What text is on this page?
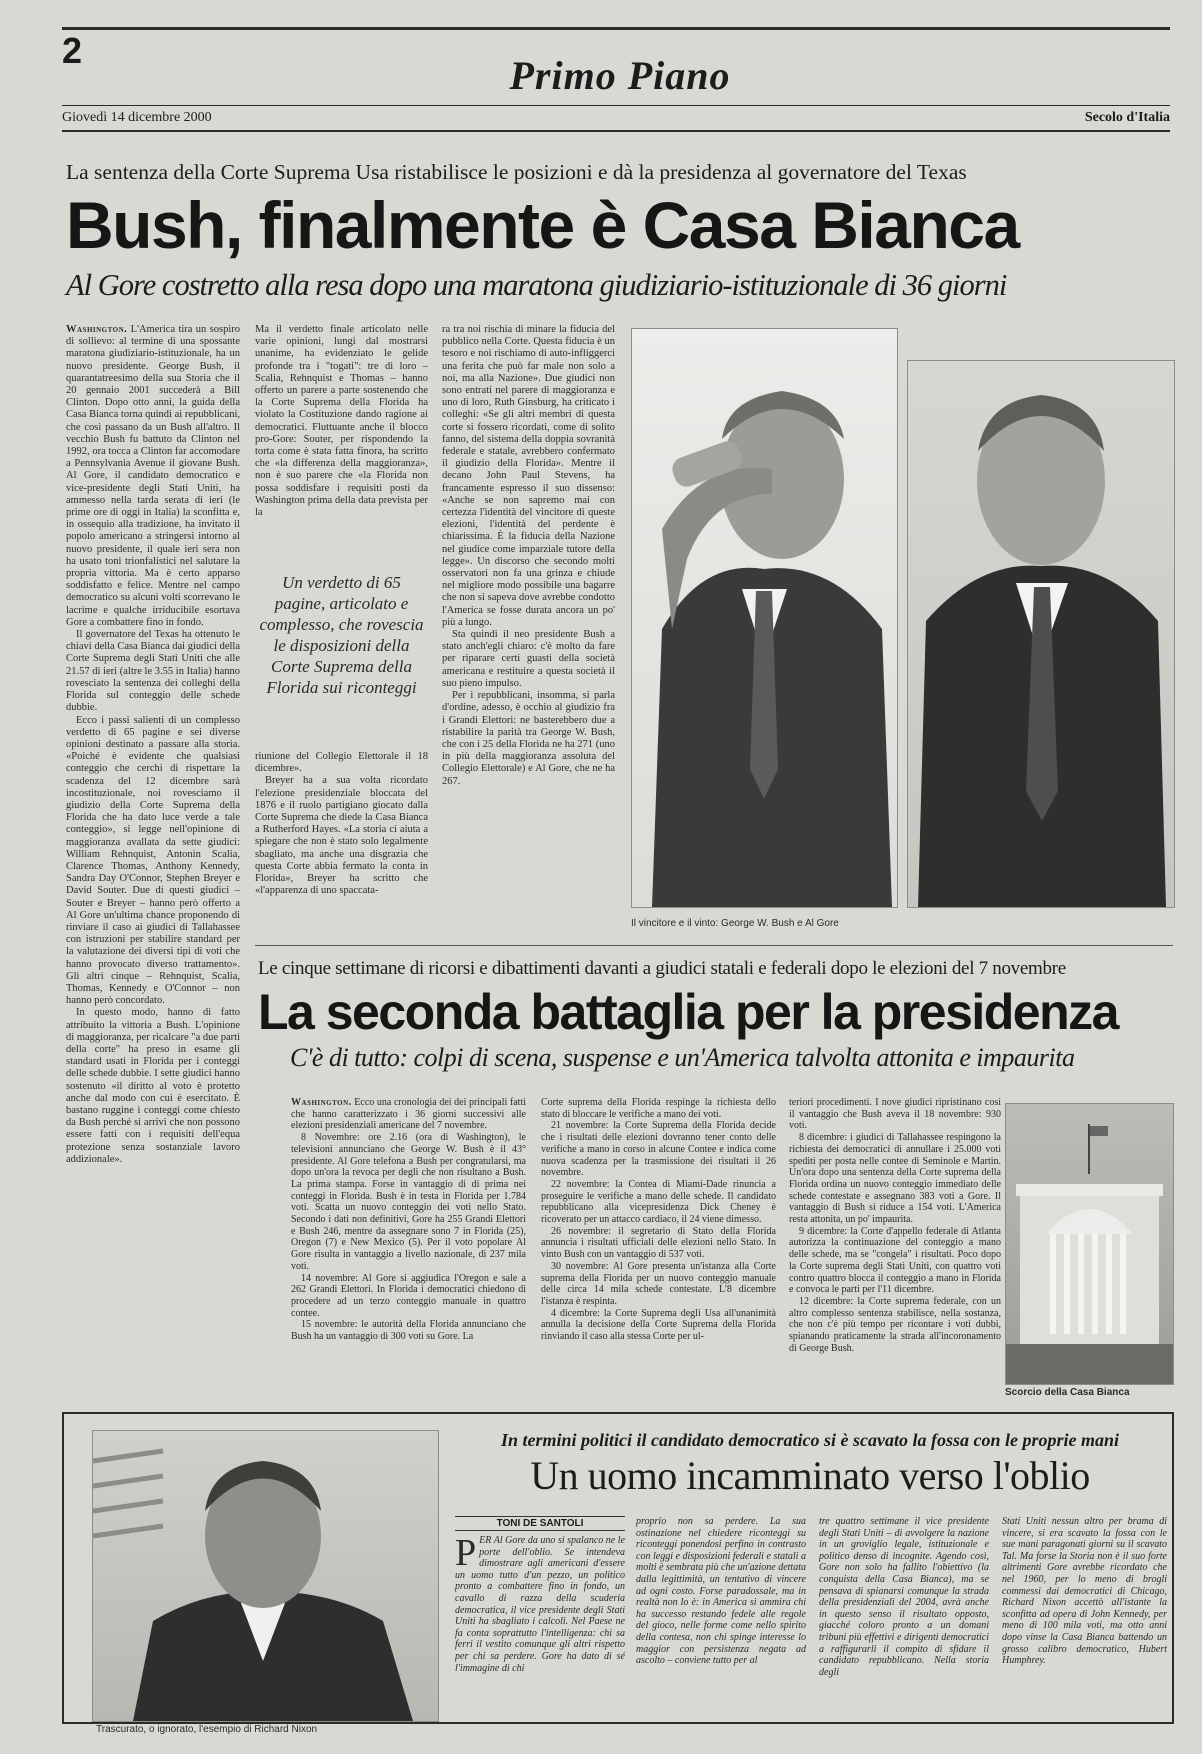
2
Primo Piano
Giovedì 14 dicembre 2000	Secolo d'Italia
La sentenza della Corte Suprema Usa ristabilisce le posizioni e dà la presidenza al governatore del Texas
Bush, finalmente è Casa Bianca
Al Gore costretto alla resa dopo una maratona giudiziario-istituzionale di 36 giorni

Washington. L'America tira un sospiro di sollievo: al termine di una spossante maratona giudiziario-istituzionale, ha un nuovo presidente. George Bush, il quarantatreesimo della sua Storia che il 20 gennaio 2001 succederà a Bill Clinton. Dopo otto anni, la guida della Casa Bianca torna quindi ai repubblicani, che così passano da un Bush all'altro. Il vecchio Bush fu battuto da Clinton nel 1992, ora tocca a Clinton far accomodare a Pennsylvania Avenue il giovane Bush. Al Gore, il candidato democratico e vice-presidente degli Stati Uniti, ha ammesso nella tarda serata di ieri (le prime ore di oggi in Italia) la sconfitta e, in ossequio alla tradizione, ha invitato il popolo americano a stringersi intorno al nuovo presidente, il quale ieri sera non ha usato toni trionfalistici nel salutare la propria vittoria. Ma è certo apparso soddisfatto e felice. Mentre nel campo democratico su alcuni volti scorrevano le lacrime e qualche irriducibile esortava Gore a combattere fino in fondo.

Il governatore del Texas ha ottenuto le chiavi della Casa Bianca dai giudici della Corte Suprema degli Stati Uniti che alle 21.57 di ieri (altre le 3.55 in Italia) hanno rovesciato la sentenza dei colleghi della Florida sul conteggio delle schede dubbie.

Ecco i passi salienti di un complesso verdetto di 65 pagine e sei diverse opinioni destinato a passare alla storia. «Poiché è evidente che qualsiasi conteggio che cerchi di rispettare la scadenza del 12 dicembre sarà incostituzionale, noi rovesciamo il giudizio della Corte Suprema della Florida che ha dato luce verde a tale conteggio», si legge nell'opinione di maggioranza avallata da sette giudici: William Rehnquist, Antonin Scalia, Clarence Thomas, Anthony Kennedy, Sandra Day O'Connor, Stephen Breyer e David Souter. Due di questi giudici – Souter e Breyer – hanno però offerto a Al Gore un'ultima chance proponendo di rinviare il caso ai giudici di Tallahassee con istruzioni per stabilire standard per la valutazione dei diversi tipi di voti che hanno provocato diverso trattamento». Gli altri cinque – Rehnquist, Scalia, Thomas, Kennedy e O'Connor – non hanno però concordato.

In questo modo, hanno di fatto attribuito la vittoria a Bush. L'opinione di maggioranza, per ricalcare "a due parti della corte" ha preso in esame gli standard usati in Florida per i conteggi delle schede dubbie. I sette giudici hanno sostenuto «il diritto al voto è protetto anche dal modo con cui è esercitato. È bastano ruggine i conteggi come chiesto da Bush perché si arrivi che non possono essere fatti con i requisiti dell'equa protezione senza sostanziale lavoro addizionale».

Ma il verdetto finale articolato nelle varie opinioni, lungi dal mostrarsi unanime, ha evidenziato le gelide profonde tra i "togati": tre di loro – Scalia, Rehnquist e Thomas – hanno offerto un parere a parte sostenendo che la Corte Suprema della Florida ha violato la Costituzione dando ragione ai democratici. Fluttuante anche il blocco pro-Gore: Souter, per rispondendo la torta come è stata fatta finora, ha scritto che «la differenza della maggioranza», non è suo parere che «la Florida non possa soddisfare i requisiti posti da Washington prima della data prevista per la

Un verdetto di 65 pagine, articolato e complesso, che rovescia le disposizioni della Corte Suprema della Florida sui riconteggi

riunione del Collegio Elettorale il 18 dicembre».

Breyer ha a sua volta ricordato l'elezione presidenziale bloccata del 1876 e il ruolo partigiano giocato dalla Corte Suprema che diede la Casa Bianca a Rutherford Hayes. «La storia ci aiuta a spiegare che non è stato solo legalmente sbagliato, ma anche una disgrazia che questa Corte abbia fermato la conta in Florida», Breyer ha scritto che «l'apparenza di uno spaccata-

ra tra noi rischia di minare la fiducia del pubblico nella Corte. Questa fiducia è un tesoro e noi rischiamo di auto-infliggerci una ferita che può far male non solo a noi, ma alla Nazione». Due giudici non sono entrati nel parere di maggioranza e uno di loro, Ruth Ginsburg, ha criticato i colleghi: «Se gli altri membri di questa corte si fossero ricordati, come di solito fanno, del sistema della doppia sovranità federale e statale, avrebbero confermato il giudizio della Florida». Mentre il decano John Paul Stevens, ha francamente espresso il suo dissenso: «Anche se non sapremo mai con certezza l'identità del vincitore di queste elezioni, l'identità del perdente è chiarissima. È la fiducia della Nazione nel giudice come imparziale tutore della legge». Un discorso che secondo molti osservatori non fa una grinza e chiude nel migliore modo possibile una bagarre che non si sapeva dove avrebbe condotto l'America se fosse durata ancora un po' più a lungo.

Sta quindi il neo presidente Bush a stato anch'egli chiaro: c'è molto da fare per riparare certi guasti della società americana e restituire a questa società il suo pieno impulso.

Per i repubblicani, insomma, si parla d'ordine, adesso, è occhio al giudizio fra i Grandi Elettori: ne basterebbero due a ristabilire la parità tra George W. Bush, che con i 25 della Florida ne ha 271 (uno in più della maggioranza assoluta del Collegio Elettorale) e Al Gore, che ne ha 267.

Il vincitore e il vinto: George W. Bush e Al Gore
Le cinque settimane di ricorsi e dibattimenti davanti a giudici statali e federali dopo le elezioni del 7 novembre
La seconda battaglia per la presidenza
C'è di tutto: colpi di scena, suspense e un'America talvolta attonita e impaurita

Washington. Ecco una cronologia dei dei principali fatti che hanno caratterizzato i 36 giorni successivi alle elezioni presidenziali americane del 7 novembre.

8 Novembre: ore 2.16 (ora di Washington), le televisioni annunciano che George W. Bush è il 43° presidente. Al Gore telefona a Bush per congratularsi, ma dopo un'ora la revoca per degli che non risultano a Bush. La prima stampa. Forse in vantaggio di di prima nei conteggi in Florida. Bush è in testa in Florida per 1.784 voti. Scatta un nuovo conteggio dei voti nello Stato. Secondo i dati non definitivi, Gore ha 255 Grandi Elettori e Bush 246, mentre da assegnare sono 7 in Florida (25), Oregon (7) e New Mexico (5). Per il voto popolare Al Gore risulta in vantaggio a livello nazionale, di 237 mila voti.

14 novembre: Al Gore si aggiudica l'Oregon e sale a 262 Grandi Elettori. In Florida i democratici chiedono di procedere ad un terzo conteggio manuale in quattro contee.

15 novembre: le autorità della Florida annunciano che Bush ha un vantaggio di 300 voti su Gore. La

Corte suprema della Florida respinge la richiesta dello stato di bloccare le verifiche a mano dei voti.

21 novembre: la Corte Suprema della Florida decide che i risultati delle elezioni dovranno tener conto delle verifiche a mano in corso in alcune Contee e indica come nuova scadenza per la trasmissione dei risultati il 26 novembre.

22 novembre: la Contea di Miami-Dade rinuncia a proseguire le verifiche a mano delle schede. Il candidato repubblicano alla vicepresidenza Dick Cheney è ricoverato per un attacco cardiaco, il 24 viene dimesso.

26 novembre: il segretario di Stato della Florida annuncia i risultati ufficiali delle elezioni nello Stato. In vinto Bush con un vantaggio di 537 voti.

30 novembre: Al Gore presenta un'istanza alla Corte suprema della Florida per un nuovo conteggio manuale delle circa 14 mila schede contestate. L'8 dicembre l'istanza è respinta.

4 dicembre: la Corte Suprema degli Usa all'unanimità annulla la decisione della Corte Suprema della Florida rinviando il caso alla stessa Corte per ul-

teriori procedimenti. I nove giudici ripristinano così il vantaggio che Bush aveva il 18 novembre: 930 voti.

8 dicembre: i giudici di Tallahassee respingono la richiesta dei democratici di annullare i 25.000 voti spediti per posta nelle contee di Seminole e Martin. Un'ora dopo una sentenza della Corte suprema della Florida ordina un nuovo conteggio immediato delle schede contestate e assegnano 383 voti a Gore. Il vantaggio di Bush si riduce a 154 voti. L'America resta attonita, un po' impaurita.

9 dicembre: la Corte d'appello federale di Atlanta autorizza la continuazione del conteggio a mano delle schede, ma se "congela" i risultati. Poco dopo la Corte suprema degli Stati Uniti, con quattro voti contro quattro blocca il conteggio a mano in Florida e convoca le parti per l'11 dicembre.

12 dicembre: la Corte suprema federale, con un altro complesso sentenza stabilisce, nella sostanza, che non c'è più tempo per ricontare i voti dubbi, spianando praticamente la strada all'incoronamento di George Bush.

Scorcio della Casa Bianca
Trascurato, o ignorato, l'esempio di Richard Nixon
In termini politici il candidato democratico si è scavato la fossa con le proprie mani
Un uomo incamminato verso l'oblio
TONI DE SANTOLI

PER Al Gore da uno si spalanco ne le porte dell'oblio. Se intendeva dimostrare agli americani d'essere un uomo tutto d'un pezzo, un politico pronto a combattere fino in fondo, un cavallo di razza della scuderia democratica, il vice presidente degli Stati Uniti ha sbagliato i calcoli. Nel Paese ne fa conta soprattutto l'intelligenza: chi sa ferri il vestito comunque gli altri rispetto per chi sa perdere. Gore ha dato di sé l'immagine di chi

proprio non sa perdere. La sua ostinazione nel chiedere riconteggi su riconteggi ponendosi perfino in contrasto con leggi e disposizioni federali e statali a molti è sembrata più che un'azione dettata dalla legittimità, un tentativo di vincere ad ogni costo. Forse paradossale, ma in realtà non lo è: in America si ammira chi ha successo restando fedele alle regole del gioco, nelle forme come nello spirito della contesa, non chi spinge interesse lo maggior con persistenza negata ad ascolto – conviene tutto per al

tre quattro settimane il vice presidente degli Stati Uniti – di avvolgere la nazione in un groviglio legale, istituzionale e politico denso di incognite. Agendo così, Gore non solo ha fallito l'obiettivo (la conquista della Casa Bianca), ma se pensava di spianarsi comunque la strada della presidenziali del 2004, avrà anche in questo senso il risultato opposto, giacché coloro pronto a un domani tribuni più effettivi e dirigenti democratici a raffigurarli il compito di sfidare il candidato repubblicano. Nella storia degli

Stati Uniti nessun altro per brama di vincere, si era scavato la fossa con le sue mani paragonati giorni su il scavato Tal. Ma forse la Storia non è il suo forte altrimenti Gore avrebbe ricordato che nel 1960, per lo meno di brogli commessi dai democratici di Chicago, Richard Nixon accettò all'istante la sconfitta ad opera di John Kennedy, per meno di 100 mila voti, ma otto anni dopo vinse la Casa Bianca battendo un grosso calibro democratico, Hubert Humphrey.
